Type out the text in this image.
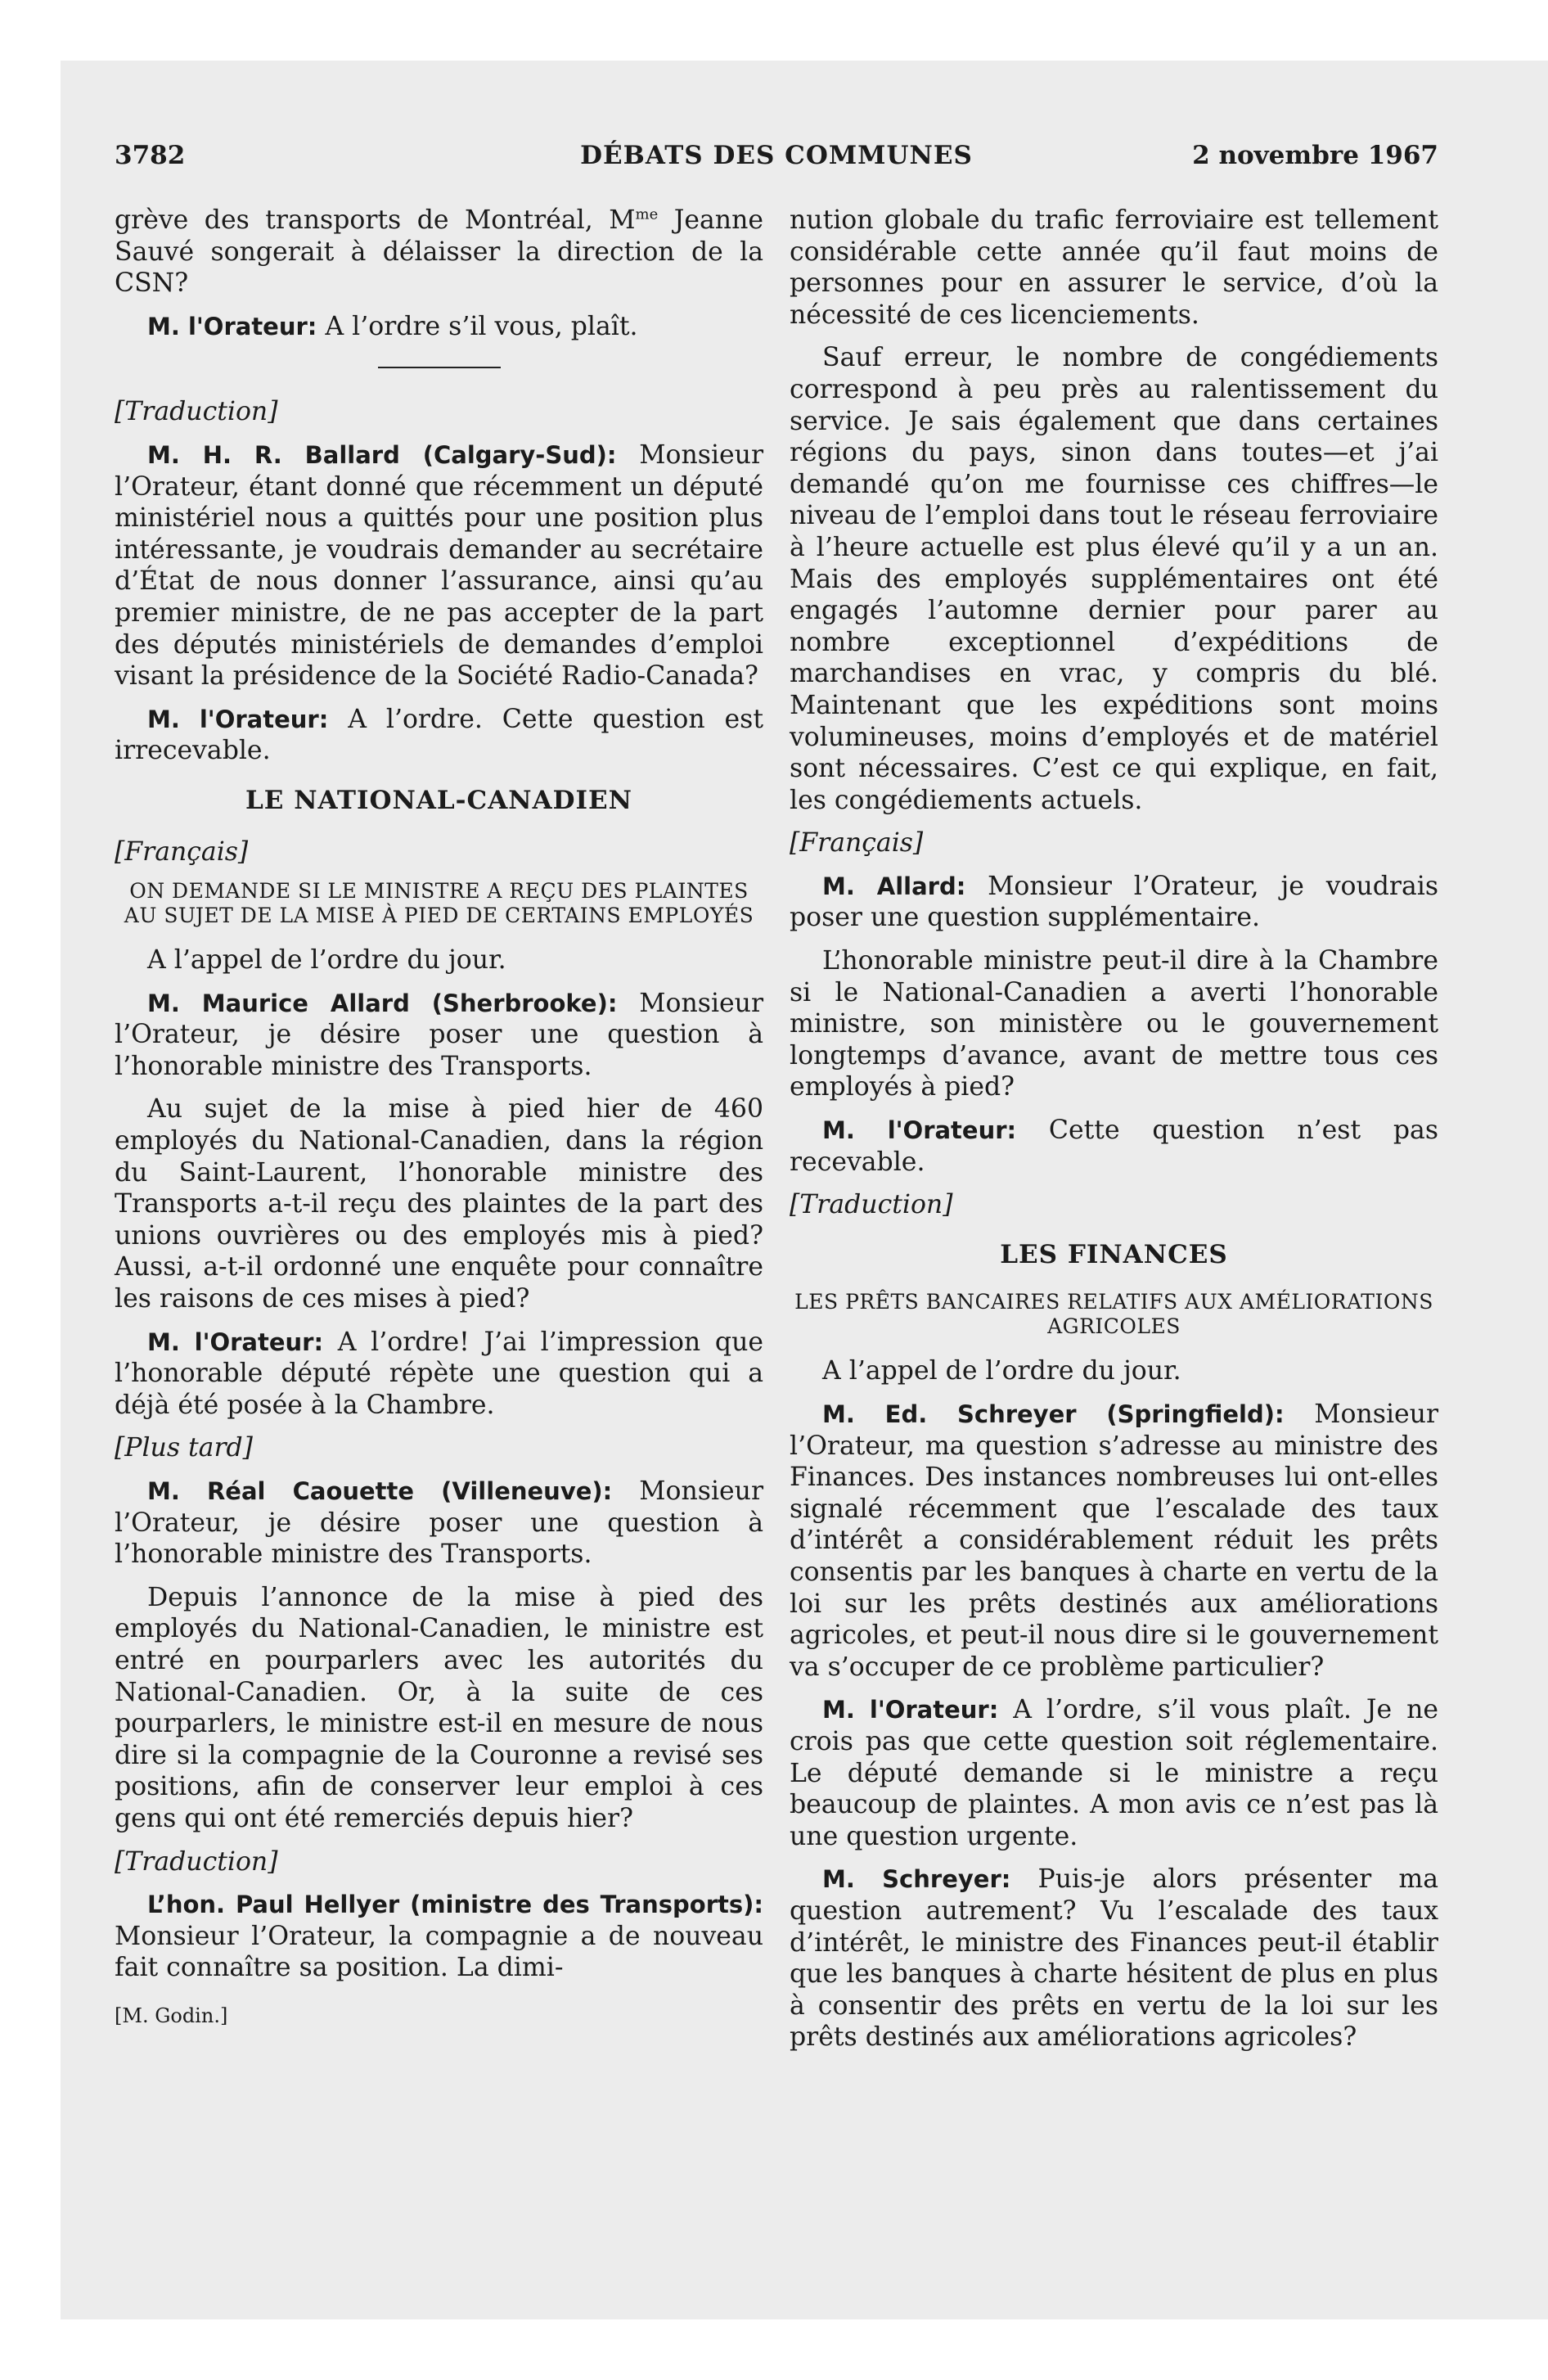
3782	DÉBATS DES COMMUNES	2 novembre 1967

grève des transports de Montréal, $M^{me}$ Jeanne Sauvé songerait à délaisser la direction de la CSN?

M. l'Orateur: A l’ordre s’il vous, plaît.

[Traduction]

M. H. R. Ballard (Calgary-Sud): Monsieur l’Orateur, étant donné que récemment un député ministériel nous a quittés pour une position plus intéressante, je voudrais demander au secrétaire d’État de nous donner l’assurance, ainsi qu’au premier ministre, de ne pas accepter de la part des députés ministériels de demandes d’emploi visant la présidence de la Société Radio-Canada?

M. l'Orateur: A l’ordre. Cette question est irrecevable.

LE NATIONAL-CANADIEN

[Français]

ON DEMANDE SI LE MINISTRE A REÇU DES PLAINTES AU SUJET DE LA MISE À PIED DE CERTAINS EMPLOYÉS

A l’appel de l’ordre du jour.

M. Maurice Allard (Sherbrooke): Monsieur l’Orateur, je désire poser une question à l’honorable ministre des Transports.

Au sujet de la mise à pied hier de 460 employés du National-Canadien, dans la région du Saint-Laurent, l’honorable ministre des Transports a-t-il reçu des plaintes de la part des unions ouvrières ou des employés mis à pied? Aussi, a-t-il ordonné une enquête pour connaître les raisons de ces mises à pied?

M. l'Orateur: A l’ordre! J’ai l’impression que l’honorable député répète une question qui a déjà été posée à la Chambre.

[Plus tard]

M. Réal Caouette (Villeneuve): Monsieur l’Orateur, je désire poser une question à l’honorable ministre des Transports.

Depuis l’annonce de la mise à pied des employés du National-Canadien, le ministre est entré en pourparlers avec les autorités du National-Canadien. Or, à la suite de ces pourparlers, le ministre est-il en mesure de nous dire si la compagnie de la Couronne a revisé ses positions, afin de conserver leur emploi à ces gens qui ont été remerciés depuis hier?

[Traduction]

L’hon. Paul Hellyer (ministre des Transports): Monsieur l’Orateur, la compagnie a de nouveau fait connaître sa position. La dimi-

[M. Godin.]

nution globale du trafic ferroviaire est tellement considérable cette année qu’il faut moins de personnes pour en assurer le service, d’où la nécessité de ces licenciements.

Sauf erreur, le nombre de congédiements correspond à peu près au ralentissement du service. Je sais également que dans certaines régions du pays, sinon dans toutes—et j’ai demandé qu’on me fournisse ces chiffres—le niveau de l’emploi dans tout le réseau ferroviaire à l’heure actuelle est plus élevé qu’il y a un an. Mais des employés supplémentaires ont été engagés l’automne dernier pour parer au nombre exceptionnel d’expéditions de marchandises en vrac, y compris du blé. Maintenant que les expéditions sont moins volumineuses, moins d’employés et de matériel sont nécessaires. C’est ce qui explique, en fait, les congédiements actuels.

[Français]

M. Allard: Monsieur l’Orateur, je voudrais poser une question supplémentaire.

L’honorable ministre peut-il dire à la Chambre si le National-Canadien a averti l’honorable ministre, son ministère ou le gouvernement longtemps d’avance, avant de mettre tous ces employés à pied?

M. l'Orateur: Cette question n’est pas recevable.

[Traduction]

LES FINANCES
LES PRÊTS BANCAIRES RELATIFS AUX AMÉLIORATIONS AGRICOLES

A l’appel de l’ordre du jour.

M. Ed. Schreyer (Springfield): Monsieur l’Orateur, ma question s’adresse au ministre des Finances. Des instances nombreuses lui ont-elles signalé récemment que l’escalade des taux d’intérêt a considérablement réduit les prêts consentis par les banques à charte en vertu de la loi sur les prêts destinés aux améliorations agricoles, et peut-il nous dire si le gouvernement va s’occuper de ce problème particulier?

M. l'Orateur: A l’ordre, s’il vous plaît. Je ne crois pas que cette question soit réglementaire. Le député demande si le ministre a reçu beaucoup de plaintes. A mon avis ce n’est pas là une question urgente.

M. Schreyer: Puis-je alors présenter ma question autrement? Vu l’escalade des taux d’intérêt, le ministre des Finances peut-il établir que les banques à charte hésitent de plus en plus à consentir des prêts en vertu de la loi sur les prêts destinés aux améliorations agricoles?
